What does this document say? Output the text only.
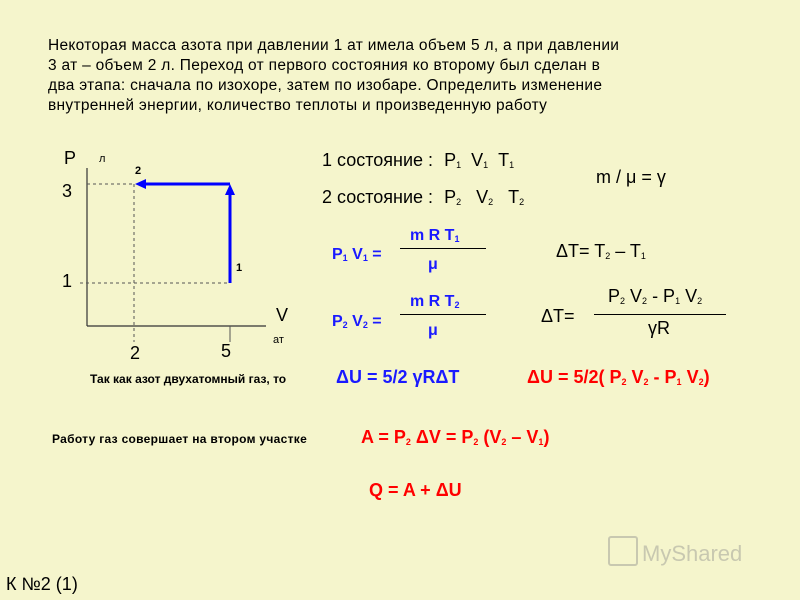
Некоторая масса азота при давлении 1 ат имела объем 5 л, а при давлении
3 ат – объем 2 л. Переход от первого состояния ко второму был сделан в
два этапа: сначала по изохоре, затем по изобаре. Определить изменение
внутренней энергии, количество теплоты и произведенную работу
P л
2
3
1
1
V
ат
2	5
1 состояние : $P_1$  $V_1$  $T_1$
2 состояние : $P_2$   $V_2$   $T_2$
m / μ = γ
$P_1$ $V_1$ =
m R $T_1$
μ
$P_2$ $V_2$ =
m R $T_2$
μ
$\Delta T= T_2 - T_1$
$P_2$ $V_2 - P_1$ $V_2$
ΔT=
γR
Так как азот двухатомный газ, то	ΔU = 5/2 γRΔT	ΔU = 5/2( $P_2$ $V_2 - P_1$ $V_2$)
Работу газ совершает на втором участке	$A = P_2$ $\Delta V = P_2$ $(V_2 - V_1)$
Q = A + ΔU
MyShared
К №2 (1)
